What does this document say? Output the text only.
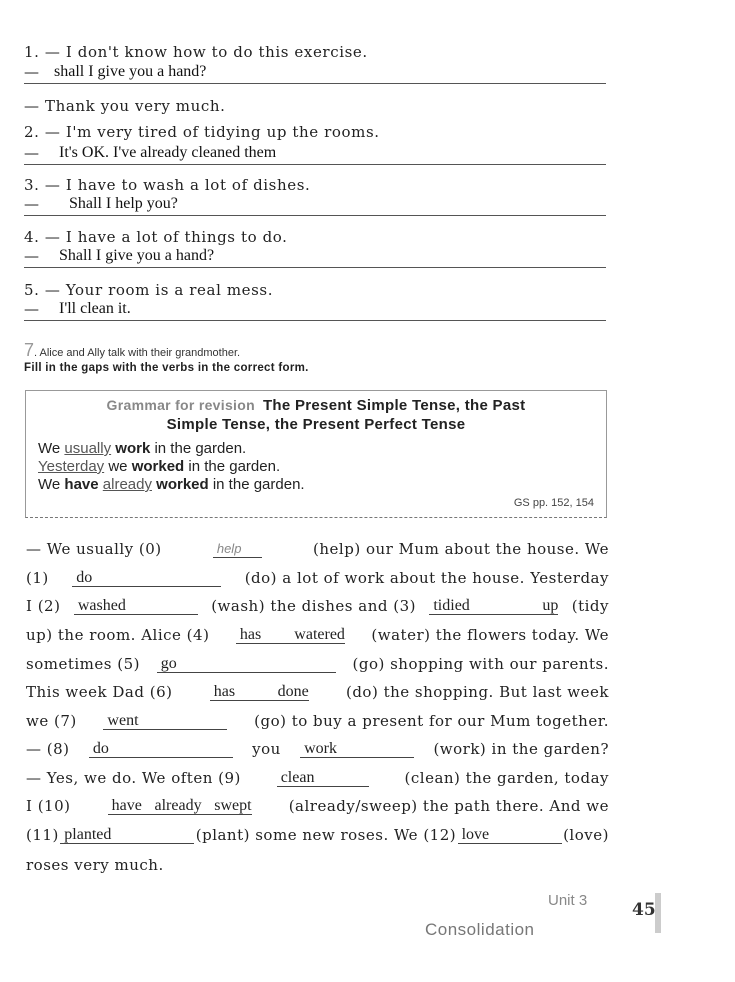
1. — I don't know how to do this exercise.
— shall I give you a hand?
— Thank you very much.
2. — I'm very tired of tidying up the rooms.
— It's OK. I've already cleaned them
3. — I have to wash a lot of dishes.
— Shall I help you?
4. — I have a lot of things to do.
— Shall I give you a hand?
5. — Your room is a real mess.
— I'll clean it.
7. Alice and Ally talk with their grandmother.
Fill in the gaps with the verbs in the correct form.
Grammar for revision The Present Simple Tense, the Past
Simple Tense, the Present Perfect Tense
We usually work in the garden.
Yesterday we worked in the garden.
We have already worked in the garden.
GS pp. 152, 154
— We usually (0)	help	(help) our Mum about the house. We
(1) do	(do) a lot of work about the house. Yesterday
I (2) washed	(wash) the dishes and (3) tidied up (tidy
up) the room. Alice (4) has watered (water) the flowers today. We
sometimes (5) go	(go) shopping with our parents.
This week Dad (6)	has done (do) the shopping. But last week
we (7) went	(go) to buy a present for our Mum together.
— (8) do	you work	(work) in the garden?
— Yes, we do. We often (9) clean	(clean) the garden, today
I (10)	have already swept (already/sweep) the path there. And we
(11) planted	(plant) some new roses. We (12) love	(love)
roses very much.
Unit 3
Consolidation
45
